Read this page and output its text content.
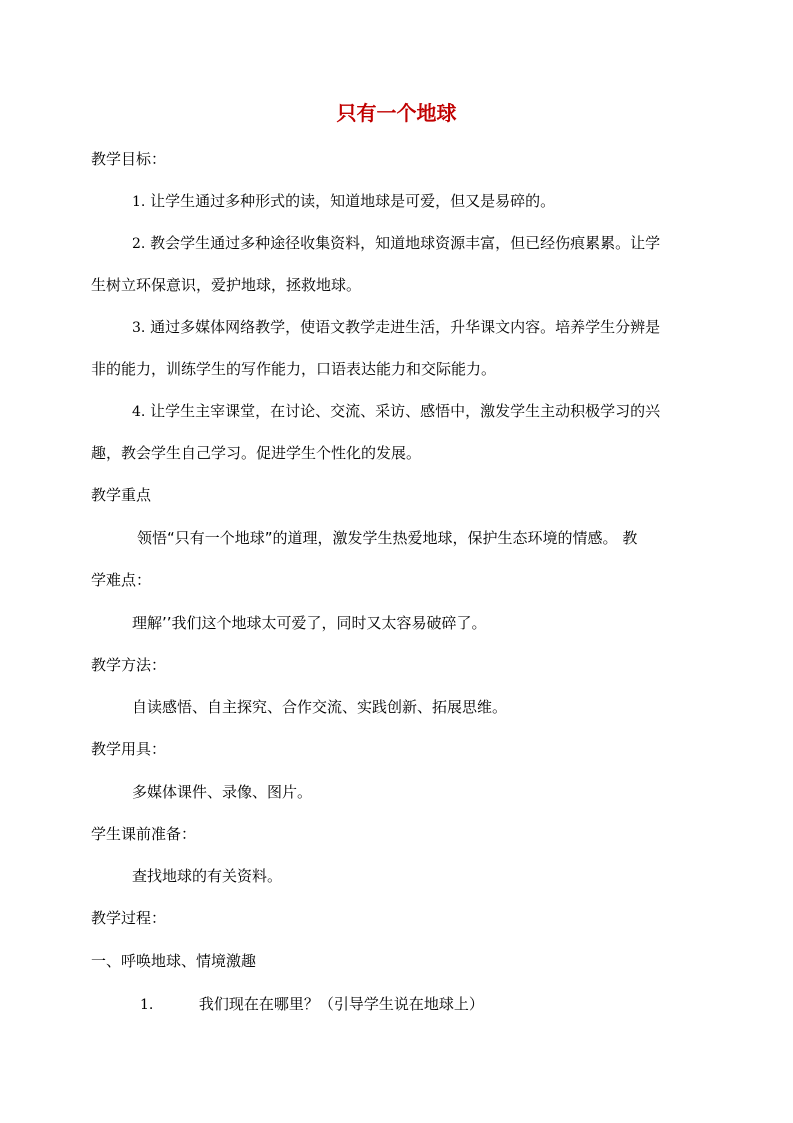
只有一个地球
教学目标：
1. 让学生通过多种形式的读，知道地球是可爱，但又是易碎的。
2. 教会学生通过多种途径收集资料，知道地球资源丰富，但已经伤痕累累。让学
生树立环保意识，爱护地球，拯救地球。
3. 通过多媒体网络教学，使语文教学走进生活，升华课文内容。培养学生分辨是
非的能力，训练学生的写作能力，口语表达能力和交际能力。
4. 让学生主宰课堂，在讨论、交流、采访、感悟中，激发学生主动积极学习的兴
趣，教会学生自己学习。促进学生个性化的发展。
教学重点
领悟“只有一个地球”的道理，激发学生热爱地球，保护生态环境的情感。 教
学难点：
理解’’我们这个地球太可爱了，同时又太容易破碎了。
教学方法：
自读感悟、自主探究、合作交流、实践创新、拓展思维。
教学用具：
多媒体课件、录像、图片。
学生课前准备：
查找地球的有关资料。
教学过程：
一、呼唤地球、情境激趣
1.	我们现在在哪里？（引导学生说在地球上）
